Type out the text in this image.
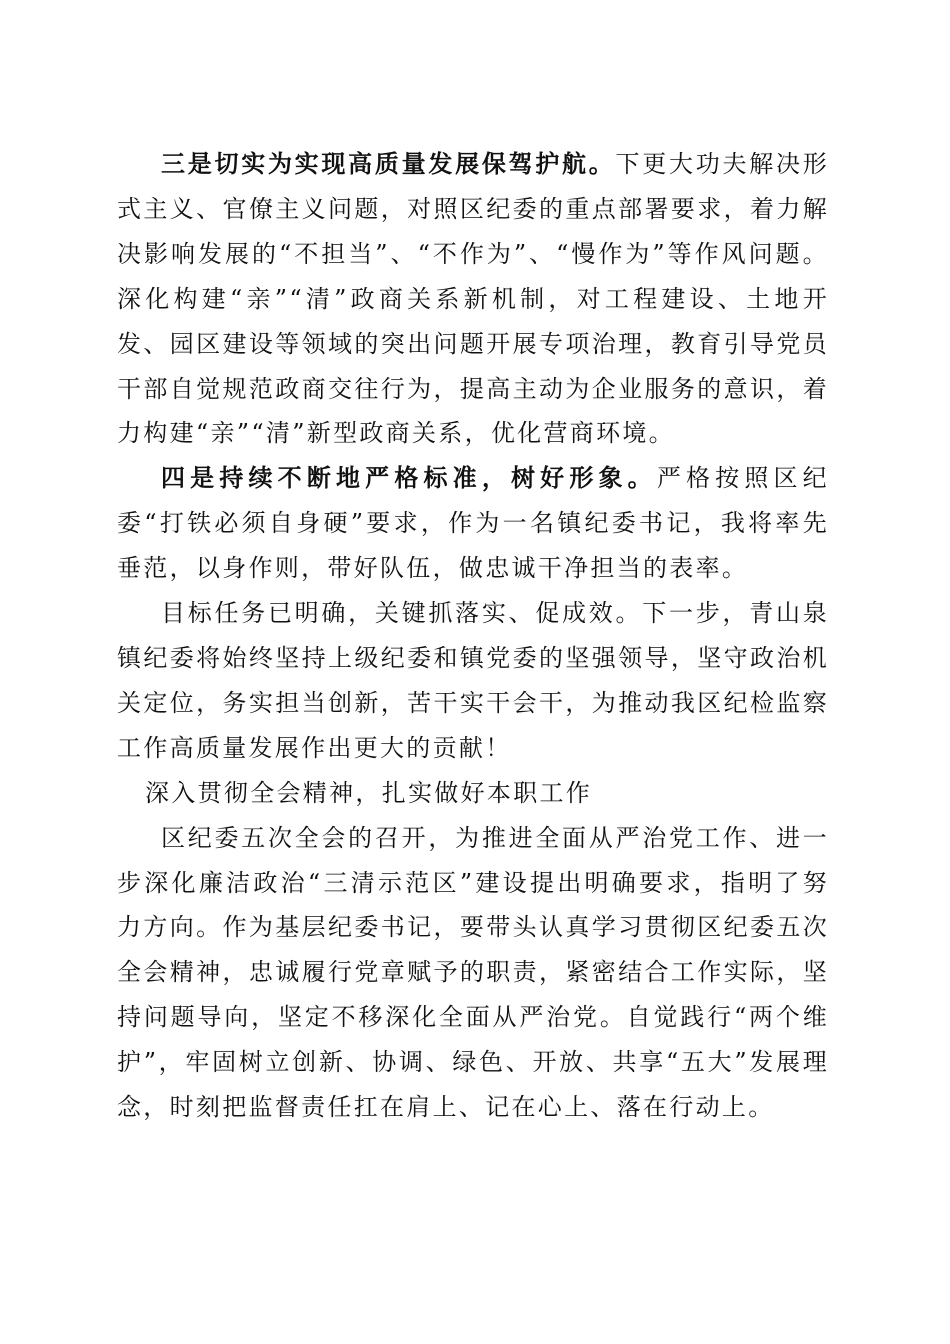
三是切实为实现高质量发展保驾护航。下更大功夫解决形式主义、官僚主义问题，对照区纪委的重点部署要求，着力解决影响发展的“不担当”、“不作为”、“慢作为”等作风问题。深化构建“亲”“清”政商关系新机制，对工程建设、土地开发、园区建设等领域的突出问题开展专项治理，教育引导党员干部自觉规范政商交往行为，提高主动为企业服务的意识，着力构建“亲”“清”新型政商关系，优化营商环境。

四是持续不断地严格标准，树好形象。严格按照区纪委“打铁必须自身硬”要求，作为一名镇纪委书记，我将率先垂范，以身作则，带好队伍，做忠诚干净担当的表率。

目标任务已明确，关键抓落实、促成效。下一步，青山泉镇纪委将始终坚持上级纪委和镇党委的坚强领导，坚守政治机关定位，务实担当创新，苦干实干会干，为推动我区纪检监察工作高质量发展作出更大的贡献！

深入贯彻全会精神，扎实做好本职工作

区纪委五次全会的召开，为推进全面从严治党工作、进一步深化廉洁政治“三清示范区”建设提出明确要求，指明了努力方向。作为基层纪委书记，要带头认真学习贯彻区纪委五次全会精神，忠诚履行党章赋予的职责，紧密结合工作实际，坚持问题导向，坚定不移深化全面从严治党。自觉践行“两个维护”，牢固树立创新、协调、绿色、开放、共享“五大”发展理念，时刻把监督责任扛在肩上、记在心上、落在行动上。
